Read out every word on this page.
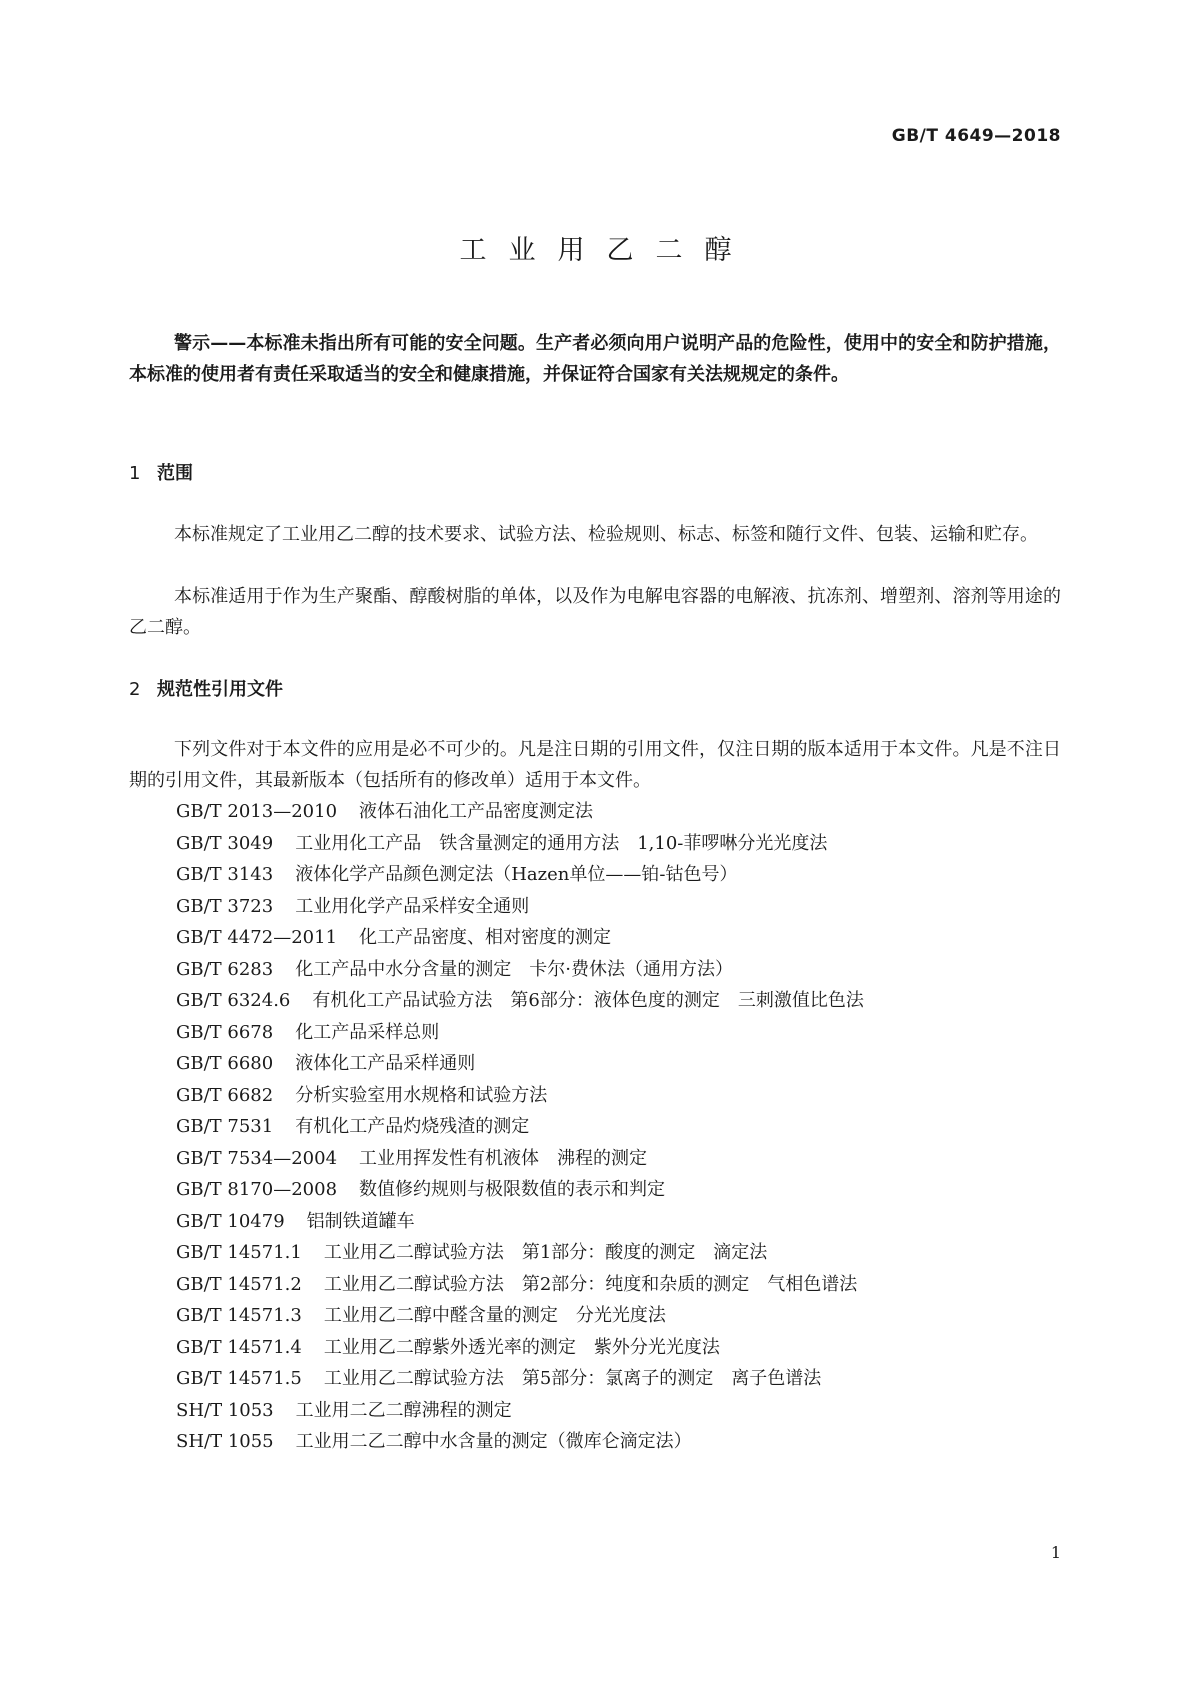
GB/T 4649—2018
工业用乙二醇

警示——本标准未指出所有可能的安全问题。生产者必须向用户说明产品的危险性，使用中的安全和防护措施，本标准的使用者有责任采取适当的安全和健康措施，并保证符合国家有关法规规定的条件。

1 范围

本标准规定了工业用乙二醇的技术要求、试验方法、检验规则、标志、标签和随行文件、包装、运输和贮存。

本标准适用于作为生产聚酯、醇酸树脂的单体，以及作为电解电容器的电解液、抗冻剂、增塑剂、溶剂等用途的乙二醇。

2 规范性引用文件

下列文件对于本文件的应用是必不可少的。凡是注日期的引用文件，仅注日期的版本适用于本文件。凡是不注日期的引用文件，其最新版本（包括所有的修改单）适用于本文件。

GB/T 2013—2010 液体石油化工产品密度测定法
GB/T 3049 工业用化工产品　铁含量测定的通用方法　1,10-菲啰啉分光光度法
GB/T 3143 液体化学产品颜色测定法（Hazen单位——铂-钴色号）
GB/T 3723 工业用化学产品采样安全通则
GB/T 4472—2011 化工产品密度、相对密度的测定
GB/T 6283 化工产品中水分含量的测定　卡尔·费休法（通用方法）
GB/T 6324.6 有机化工产品试验方法　第6部分：液体色度的测定　三刺激值比色法
GB/T 6678 化工产品采样总则
GB/T 6680 液体化工产品采样通则
GB/T 6682 分析实验室用水规格和试验方法
GB/T 7531 有机化工产品灼烧残渣的测定
GB/T 7534—2004 工业用挥发性有机液体　沸程的测定
GB/T 8170—2008 数值修约规则与极限数值的表示和判定
GB/T 10479 铝制铁道罐车
GB/T 14571.1 工业用乙二醇试验方法　第1部分：酸度的测定　滴定法
GB/T 14571.2 工业用乙二醇试验方法　第2部分：纯度和杂质的测定　气相色谱法
GB/T 14571.3 工业用乙二醇中醛含量的测定　分光光度法
GB/T 14571.4 工业用乙二醇紫外透光率的测定　紫外分光光度法
GB/T 14571.5 工业用乙二醇试验方法　第5部分：氯离子的测定　离子色谱法
SH/T 1053 工业用二乙二醇沸程的测定
SH/T 1055 工业用二乙二醇中水含量的测定（微库仑滴定法）
1
